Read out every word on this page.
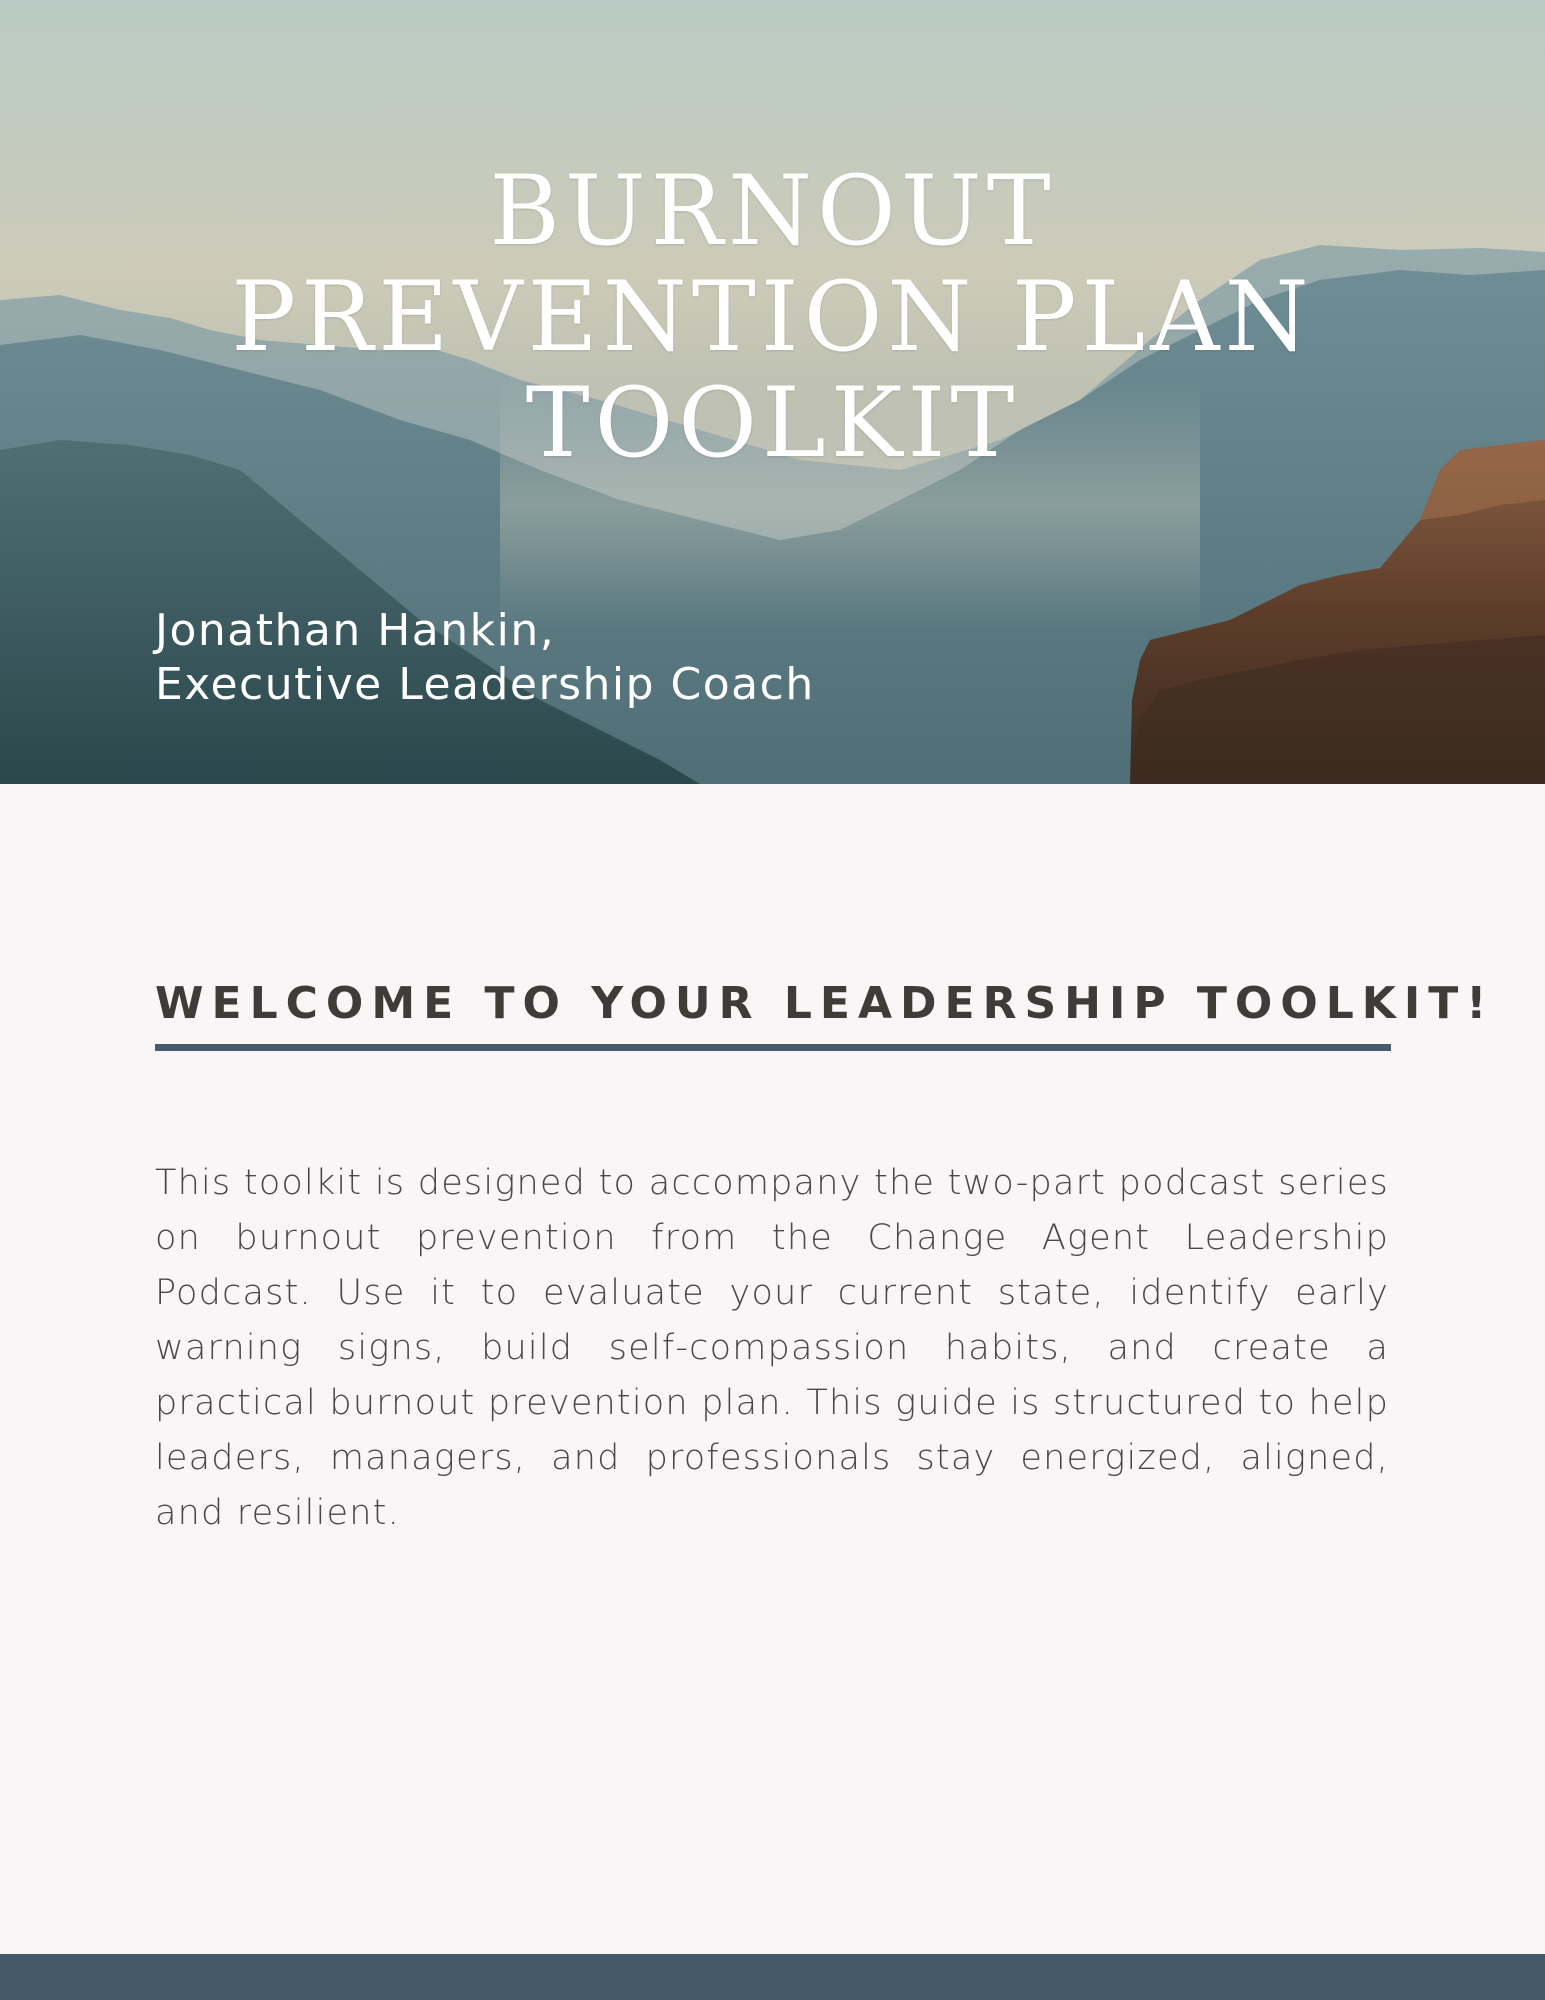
BURNOUT
PREVENTION PLAN
TOOLKIT
Jonathan Hankin,
Executive Leadership Coach
WELCOME TO YOUR LEADERSHIP TOOLKIT!

This toolkit is designed to accompany the two-part podcast series on burnout prevention from the Change Agent Leadership Podcast. Use it to evaluate your current state, identify early warning signs, build self-compassion habits, and create a practical burnout prevention plan. This guide is structured to help leaders, managers, and professionals stay energized, aligned, and resilient.
